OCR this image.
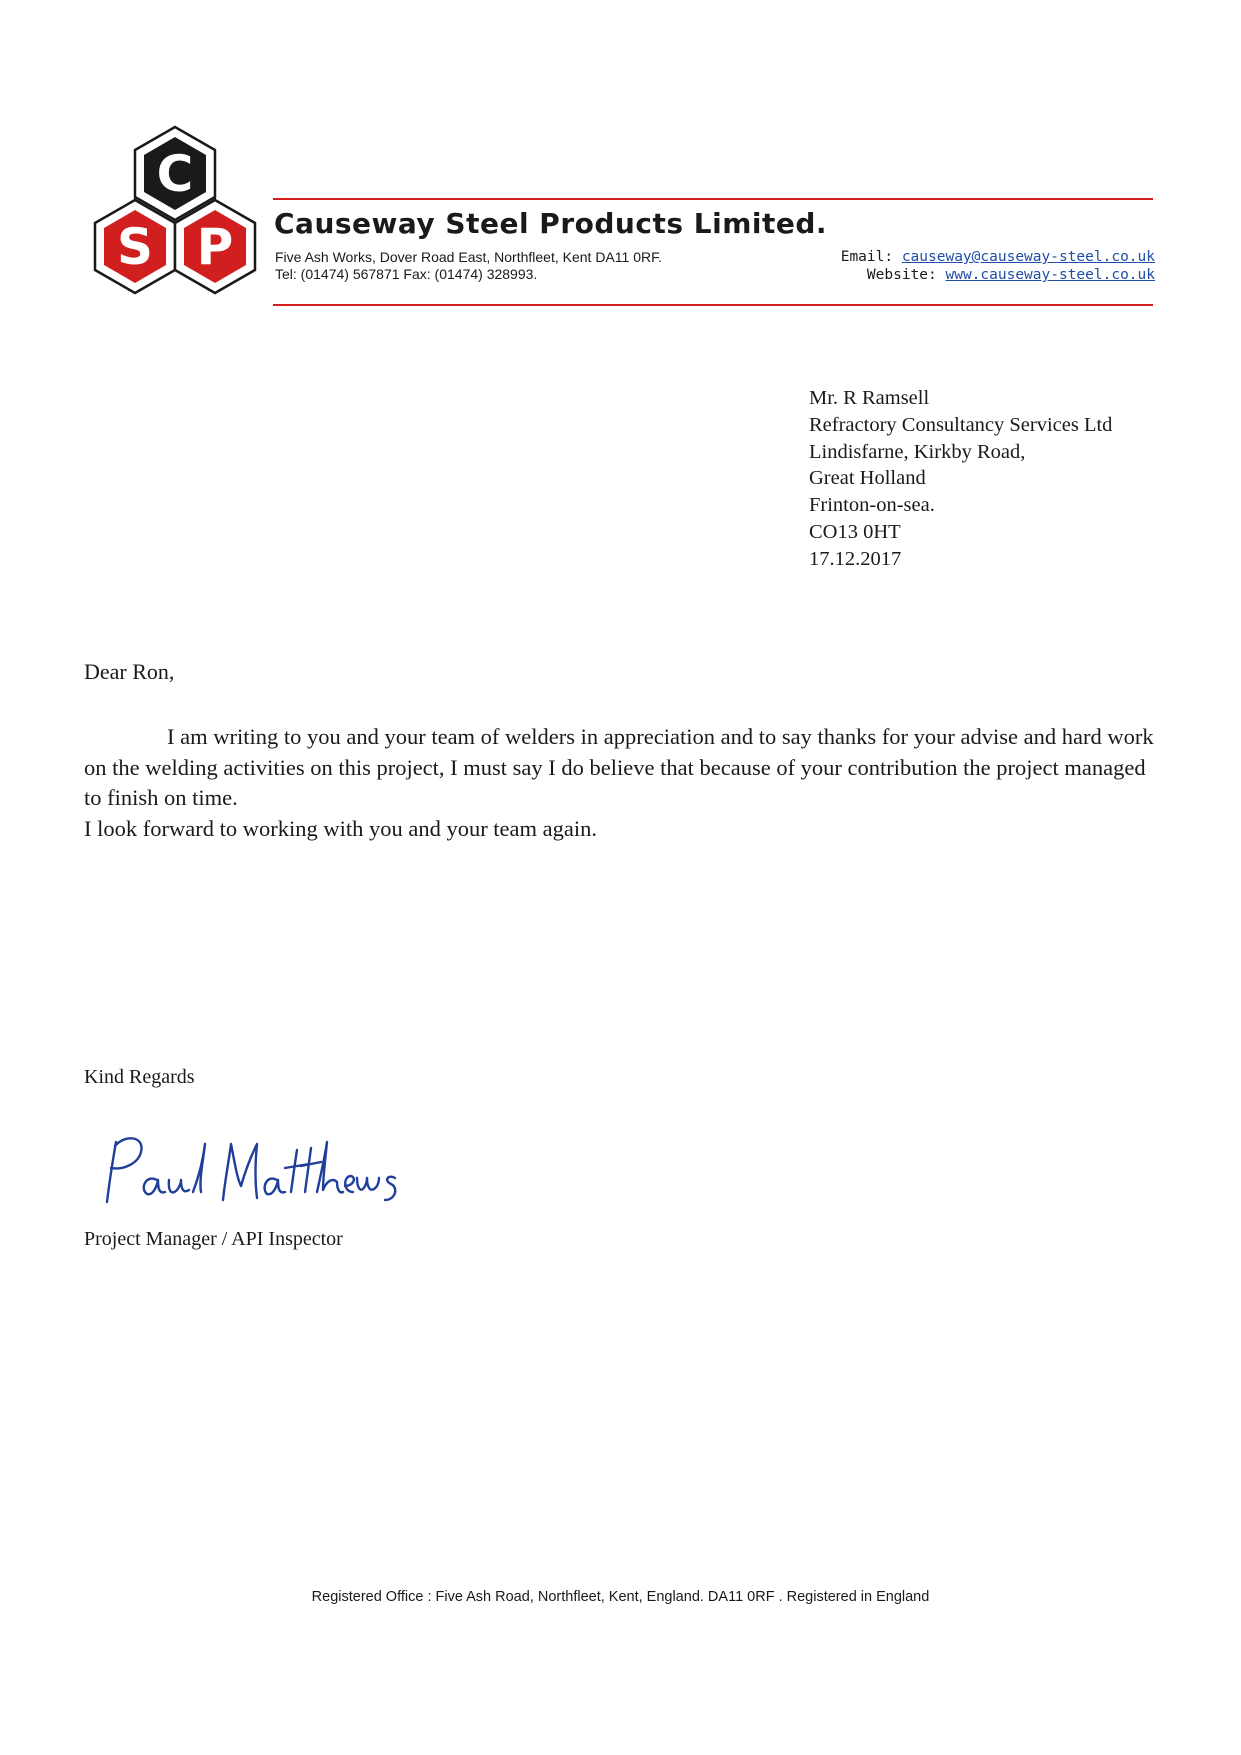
C
S P Causeway Steel Products Limited.
Five Ash Works, Dover Road East, Northfleet, Kent DA11 0RF.
Tel: (01474) 567871 Fax: (01474) 328993.
Email: causeway@causeway-steel.co.uk
Website: www.causeway-steel.co.uk
Mr. R Ramsell
Refractory Consultancy Services Ltd
Lindisfarne, Kirkby Road,
Great Holland
Frinton-on-sea.
CO13 0HT
17.12.2017
Dear Ron,

I am writing to you and your team of welders in appreciation and to say thanks for your advise and hard work on the welding activities on this project, I must say I do believe that because of your contribution the project managed to finish on time.

I look forward to working with you and your team again.

Kind Regards
Project Manager / API Inspector
Registered Office : Five Ash Road, Northfleet, Kent, England. DA11 0RF . Registered in England
